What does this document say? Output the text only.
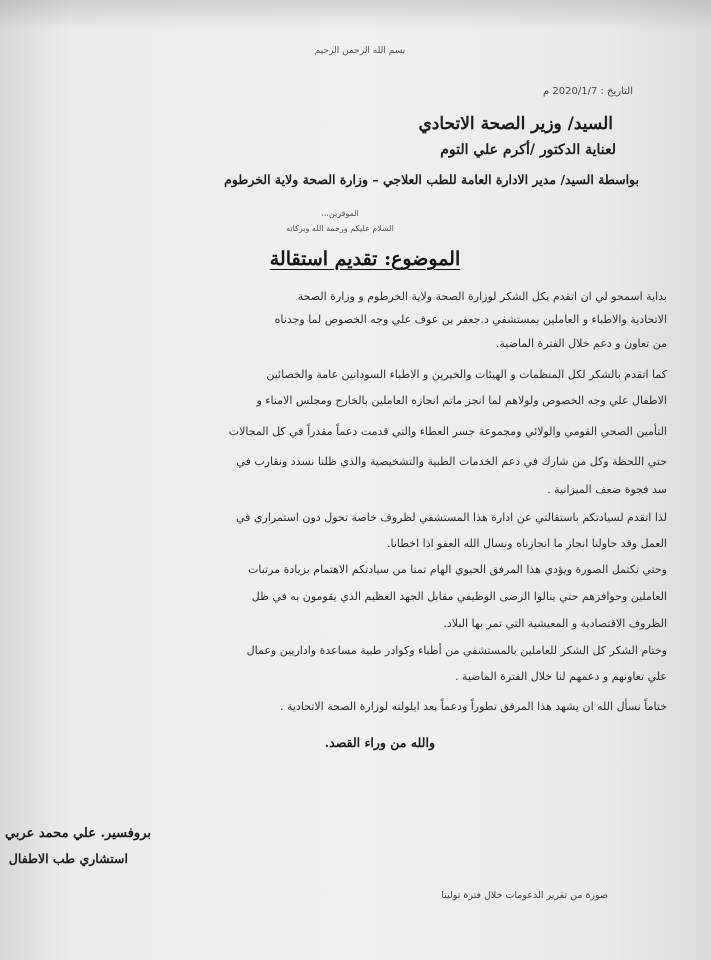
بسم الله الرحمن الرحيم
التاريخ : 2020/1/7 م
السيد/ وزير الصحة الاتحادي
لعناية الدكتور /أكرم علي التوم
بواسطة السيد/ مدير الادارة العامة للطب العلاجي – وزارة الصحة ولاية الخرطوم
الموقرين،،،
السلام عليكم ورحمة الله وبركاته
الموضوع: تقديم استقالة
بداية اسمحو لي ان اتقدم بكل الشكر لوزارة الصحة ولاية الخرطوم و وزارة الصحة
الاتحادية والاطباء و العاملين بمستشفي د.جعفر بن عوف علي وجه الخصوص لما وجدناه
من تعاون و دعم خلال الفترة الماضية.
كما اتقدم بالشكر لكل المنظمات و الهيئات والخيرين و الاطباء السودانين عامة والخصائين
الاطفال علي وجه الخصوص ولولاهم لما انجز ماتم انجازه العاملين بالخارج ومجلس الامناء و
التأمين الصحي القومي والولائي ومجموعة جسر العطاء والتي قدمت دعماً مقدراً في كل المجالات
حتي اللحظة وكل من شارك في دعم الخدمات الطبية والتشخيصية والذي ظلنا نسدد ونقارب في
سد فجوة ضعف الميزانية .
لذا اتقدم لسيادتكم باستقالتي عن ادارة هذا المستشفي لظروف خاصة تحول دون استمراري في
العمل وقد حاولنا انجاز ما انجازناه ونسال الله العفو اذا اخطانا.
وحتي تكتمل الصورة ويؤدي هذا المرفق الحيوي الهام تمنا من سيادتكم الاهتمام بزيادة مرتبات
العاملين وحوافزهم حتي ينالوا الرضى الوظيفي مقابل الجهد العظيم الذي يقومون به في ظل
الظروف الاقتصادية و المعيشية التي تمر بها البلاد.
وختام الشكر كل الشكر للعاملين بالمستشفي من أطباء وكوادر طبية مساعدة واداريين وعمال
علي تعاونهم و دعمهم لنا خلال الفترة الماضية .
ختاماً نسأل الله ان يشهد هذا المرفق تطوراً ودعماً بعد ايلولته لوزارة الصحة الاتحادية .
والله من وراء القصد.
بروفسير. علي محمد عربي
استشاري طب الاطفال
صورة من تقرير الدعومات خلال فترة توليتا
